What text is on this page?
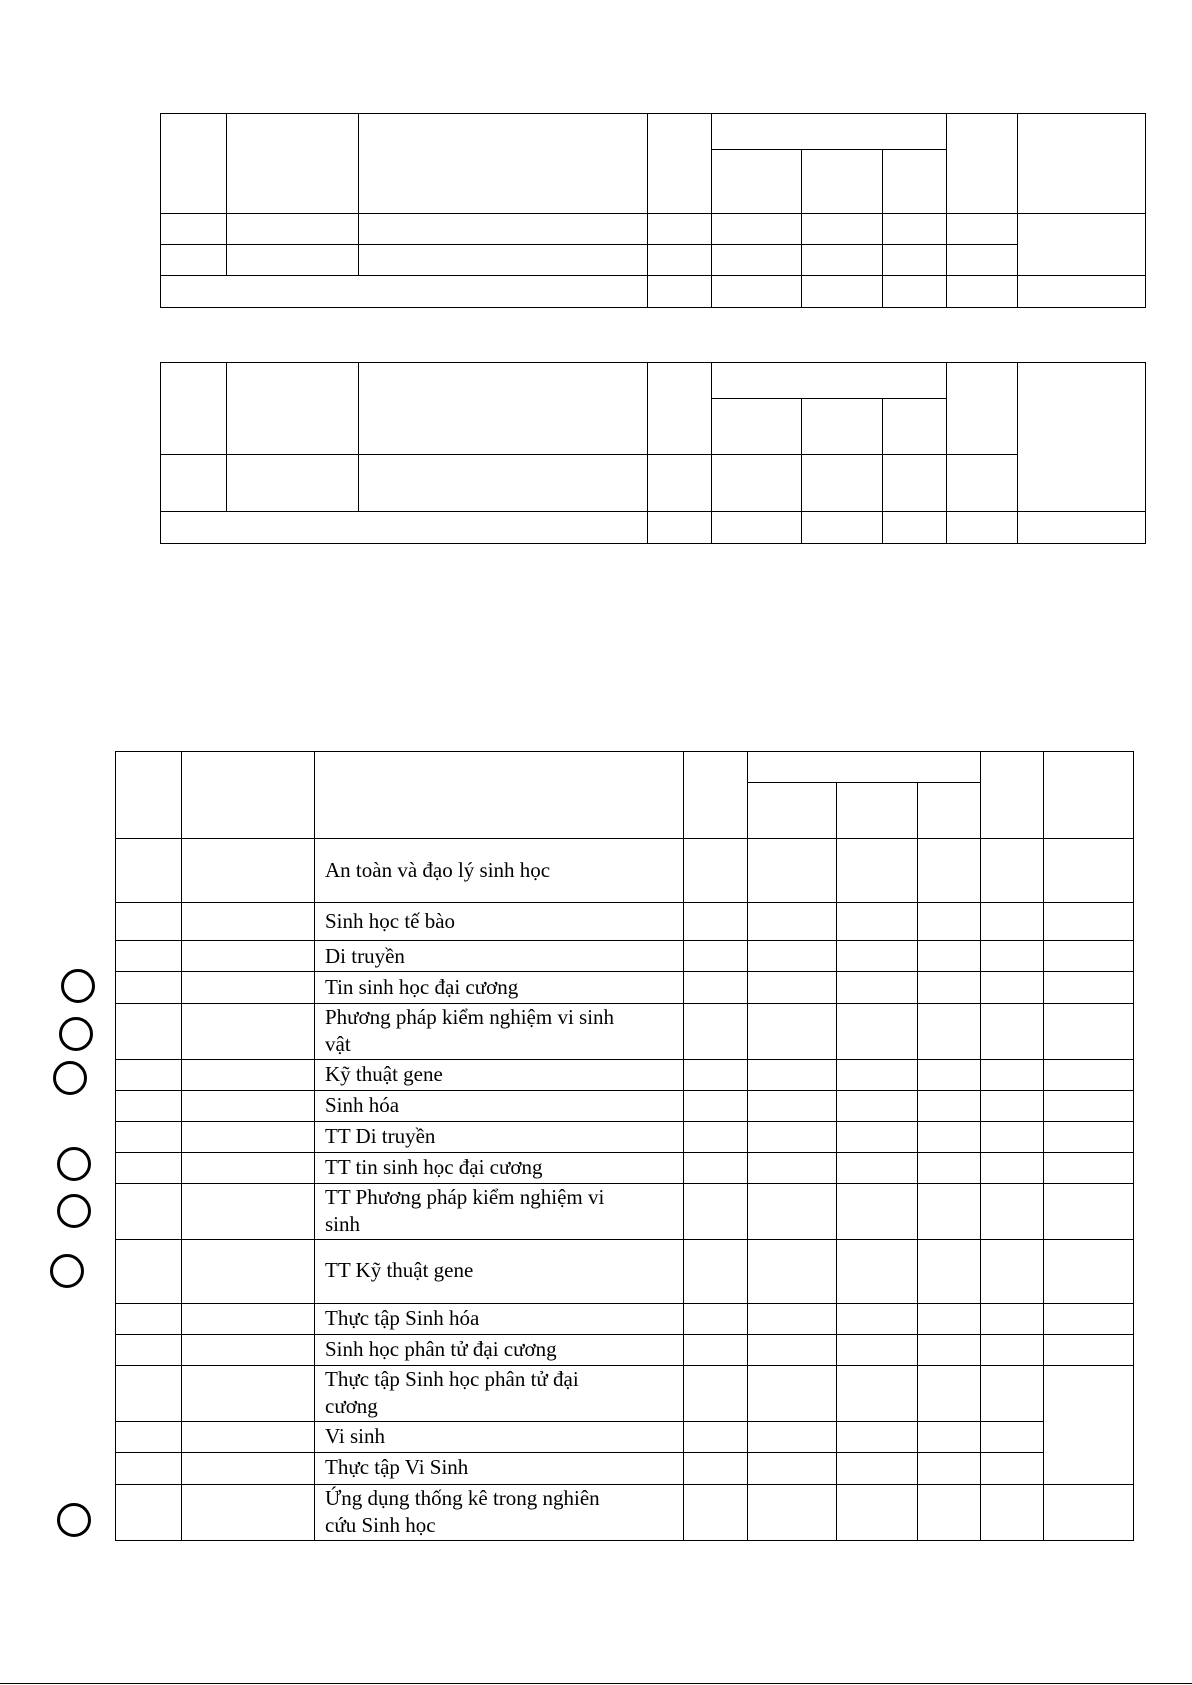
An toàn và đạo lý sinh học
Sinh học tế bào
Di truyền
Tin sinh học đại cương
Phương pháp kiểm nghiệm vi sinh
vật
Kỹ thuật gene
Sinh hóa
TT Di truyền
TT tin sinh học đại cương
TT Phương pháp kiểm nghiệm vi
sinh
TT Kỹ thuật gene
Thực tập Sinh hóa
Sinh học phân tử đại cương
Thực tập Sinh học phân tử đại
cương
Vi sinh
Thực tập Vi Sinh
Ứng dụng thống kê trong nghiên
cứu Sinh học
